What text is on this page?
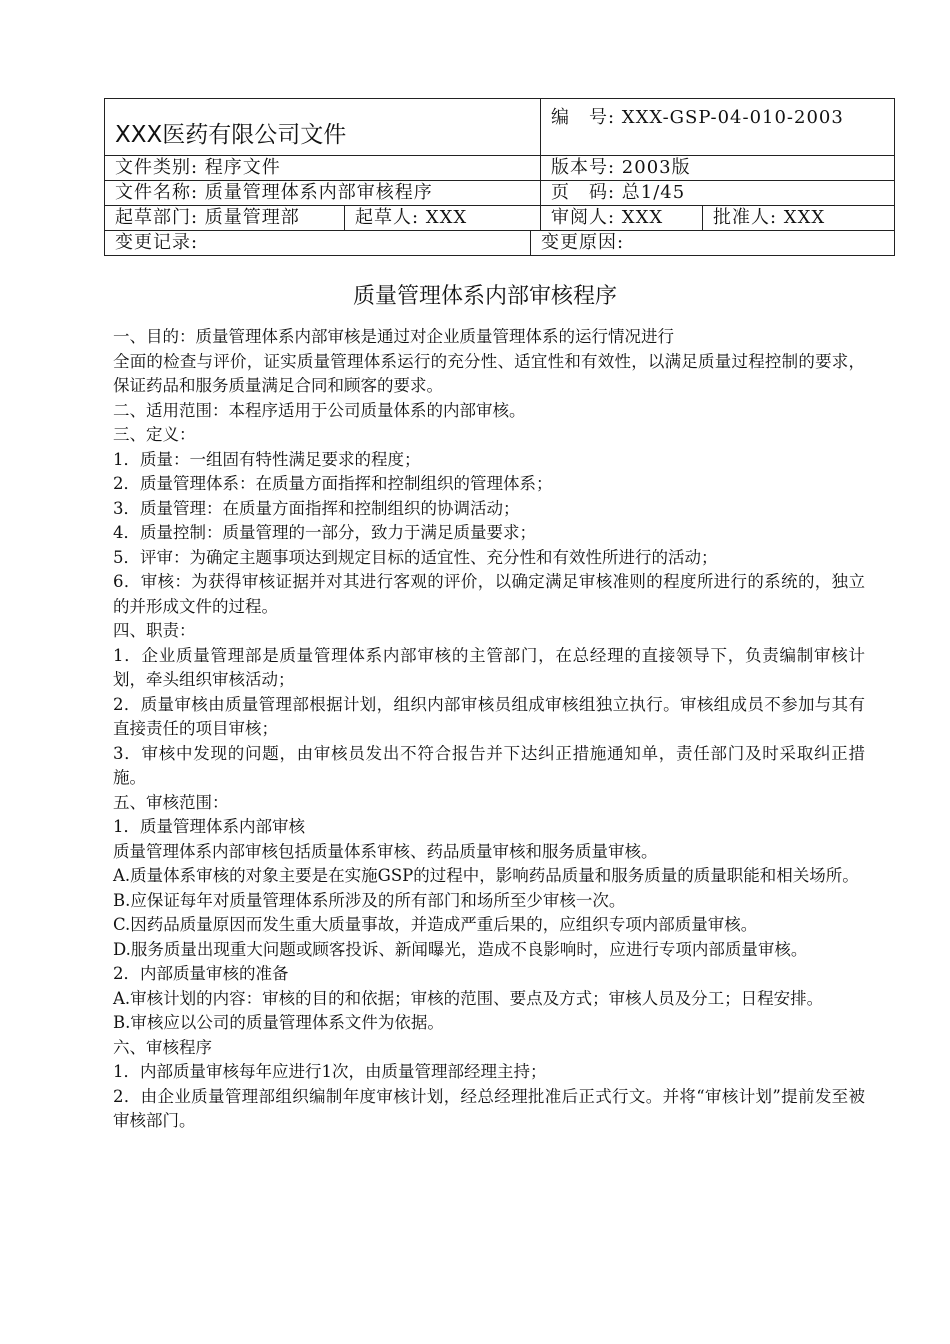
XXX医药有限公司文件			编　号: XXX-GSP-04-010-2003	
文件类别: 程序文件			版本号: 2003版	
文件名称: 质量管理体系内部审核程序			页　码: 总1/45	
起草部门: 质量管理部	起草人: XXX		审阅人: XXX	批准人: XXX
变更记录:		变更原因:		
质量管理体系内部审核程序

一、目的：质量管理体系内部审核是通过对企业质量管理体系的运行情况进行

全面的检查与评价，证实质量管理体系运行的充分性、适宜性和有效性，以满足质量过程控制的要求，保证药品和服务质量满足合同和顾客的要求。

二、适用范围：本程序适用于公司质量体系的内部审核。

三、定义：

1．质量：一组固有特性满足要求的程度；

2．质量管理体系：在质量方面指挥和控制组织的管理体系；

3．质量管理：在质量方面指挥和控制组织的协调活动；

4．质量控制：质量管理的一部分，致力于满足质量要求；

5．评审：为确定主题事项达到规定目标的适宜性、充分性和有效性所进行的活动；

6．审核：为获得审核证据并对其进行客观的评价，以确定满足审核准则的程度所进行的系统的，独立的并形成文件的过程。

四、职责：

1．企业质量管理部是质量管理体系内部审核的主管部门，在总经理的直接领导下，负责编制审核计划，牵头组织审核活动；

2．质量审核由质量管理部根据计划，组织内部审核员组成审核组独立执行。审核组成员不参加与其有直接责任的项目审核；

3．审核中发现的问题，由审核员发出不符合报告并下达纠正措施通知单，责任部门及时采取纠正措施。

五、审核范围：

1．质量管理体系内部审核

质量管理体系内部审核包括质量体系审核、药品质量审核和服务质量审核。

A.质量体系审核的对象主要是在实施GSP的过程中，影响药品质量和服务质量的质量职能和相关场所。

B.应保证每年对质量管理体系所涉及的所有部门和场所至少审核一次。

C.因药品质量原因而发生重大质量事故，并造成严重后果的，应组织专项内部质量审核。

D.服务质量出现重大问题或顾客投诉、新闻曝光，造成不良影响时，应进行专项内部质量审核。

2．内部质量审核的准备

A.审核计划的内容：审核的目的和依据；审核的范围、要点及方式；审核人员及分工；日程安排。

B.审核应以公司的质量管理体系文件为依据。

六、审核程序

1．内部质量审核每年应进行1次，由质量管理部经理主持；

2．由企业质量管理部组织编制年度审核计划，经总经理批准后正式行文。并将“审核计划”提前发至被审核部门。
